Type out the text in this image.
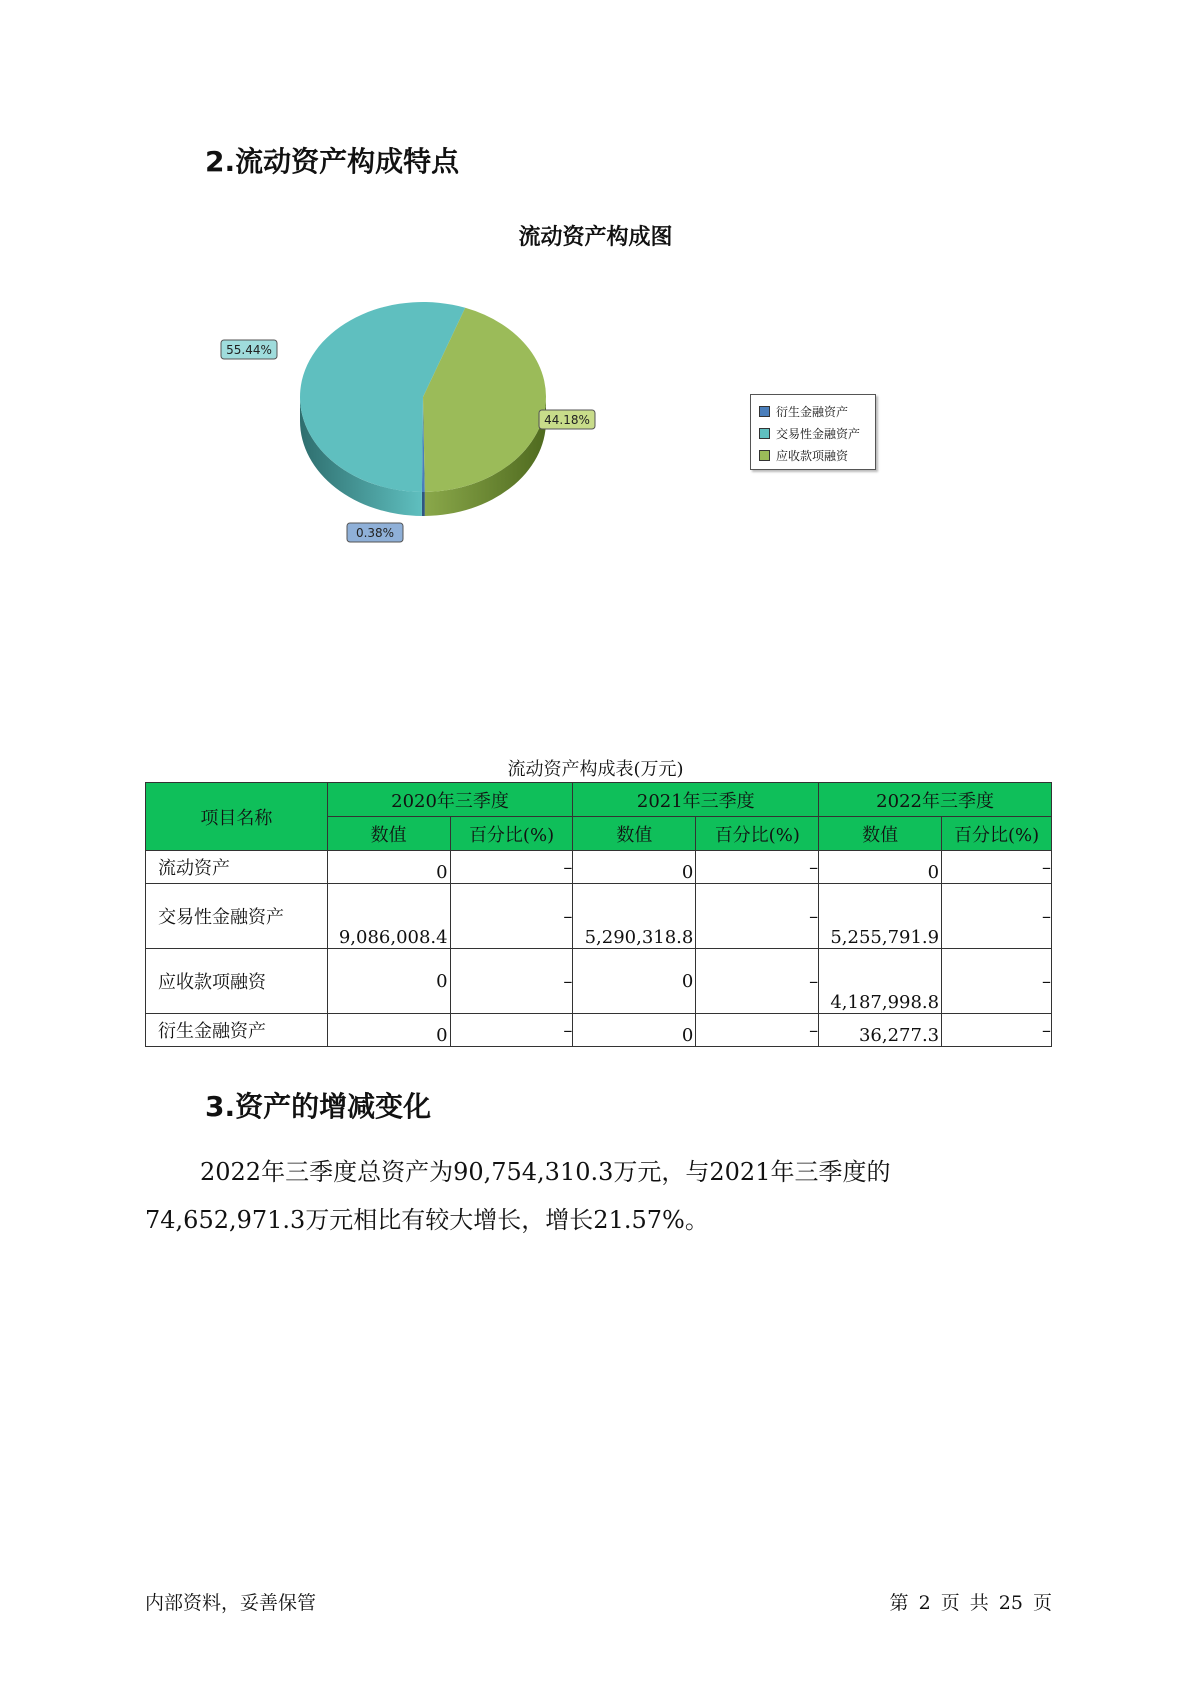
2.流动资产构成特点
流动资产构成图
0.38%
55.44%
44.18%
衍生金融资产
交易性金融资产
应收款项融资
流动资产构成表(万元)
项目名称	2020年三季度		2021年三季度		2022年三季度	
	数值	百分比(%)	数值	百分比(%)	数值	百分比(%)
流动资产	0	–	0	–	0	–
交易性金融资产	9,086,008.4	–	5,290,318.8	–	5,255,791.9	–
应收款项融资	0	–	0	–	4,187,998.8	–
衍生金融资产	0	–	0	–	36,277.3	–
3.资产的增减变化
2022年三季度总资产为90,754,310.3万元，与2021年三季度的74,652,971.3万元相比有较大增长，增长21.57%。
内部资料，妥善保管	第 2 页 共 25 页
